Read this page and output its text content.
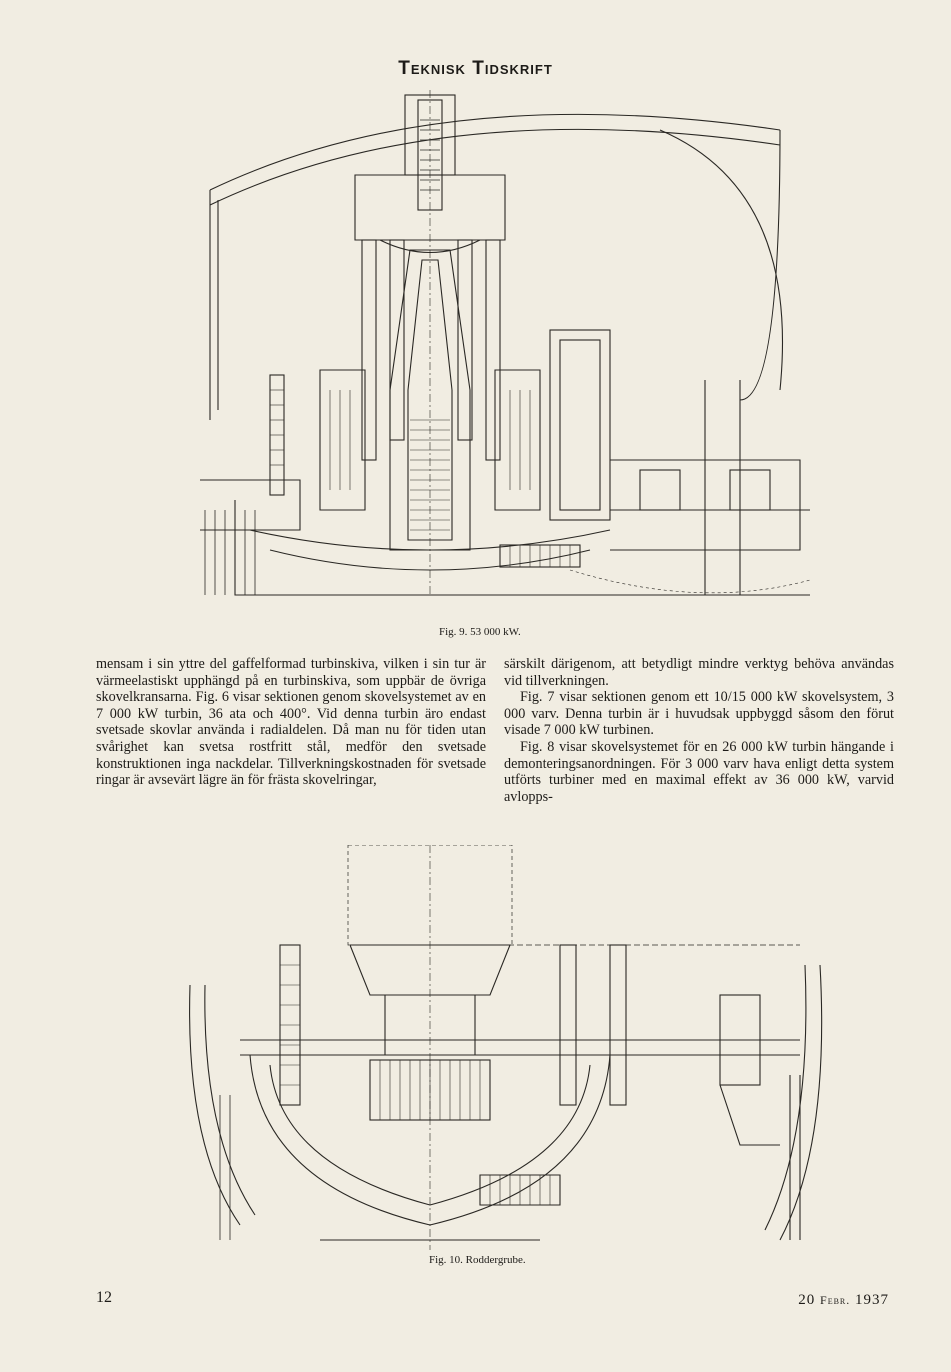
Teknisk Tidskrift
Fig. 9. 53 000 kW.

mensam i sin yttre del gaffelformad turbinskiva, vilken i sin tur är värmeelastiskt upphängd på en turbinskiva, som uppbär de övriga skovelkransarna. Fig. 6 visar sektionen genom skovelsystemet av en 7 000 kW turbin, 36 ata och 400°. Vid denna turbin äro endast svetsade skovlar använda i radialdelen. Då man nu för tiden utan svårighet kan svetsa rostfritt stål, medför den svetsade konstruktionen inga nackdelar. Tillverkningskostnaden för svetsade ringar är avsevärt lägre än för frästa skovelringar,

särskilt därigenom, att betydligt mindre verktyg behöva användas vid tillverkningen.

Fig. 7 visar sektionen genom ett 10/15 000 kW skovelsystem, 3 000 varv. Denna turbin är i huvudsak uppbyggd såsom den förut visade 7 000 kW turbinen.

Fig. 8 visar skovelsystemet för en 26 000 kW turbin hängande i demonteringsanordningen. För 3 000 varv hava enligt detta system utförts turbiner med en maximal effekt av 36 000 kW, varvid avlopps-

Fig. 10. Roddergrube.
12	20 Febr. 1937
